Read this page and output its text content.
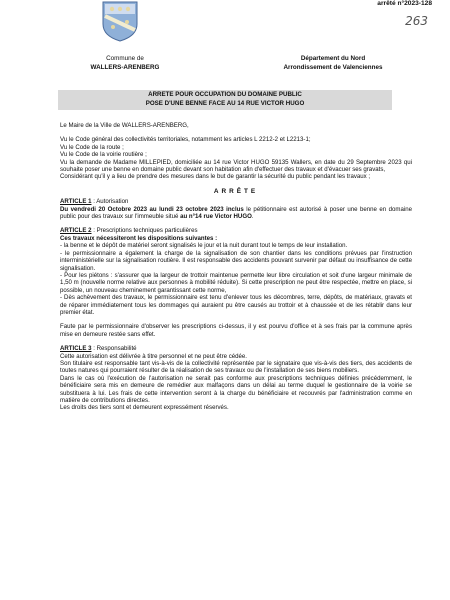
arrêté n°2023-128
263
Commune de
WALLERS-ARENBERG
Département du Nord
Arrondissement de Valenciennes
ARRETE POUR OCCUPATION DU DOMAINE PUBLIC
POSE D'UNE BENNE FACE AU 14 RUE VICTOR HUGO

Le Maire de la Ville de WALLERS-ARENBERG,

Vu le Code général des collectivités territoriales, notamment les articles L 2212-2 et L2213-1;

Vu le Code de la route ;

Vu le Code de la voirie routière ;

Vu la demande de Madame MILLEPIED, domiciliée au 14 rue Victor HUGO 59135 Wallers, en date du 29 Septembre 2023 qui souhaite poser une benne en domaine public devant son habitation afin d'effectuer des travaux et d'évacuer ses gravats,

Considérant qu'il y a lieu de prendre des mesures dans le but de garantir la sécurité du public pendant les travaux ;

ARRÊTE

ARTICLE 1 : Autorisation

Du vendredi 20 Octobre 2023 au lundi 23 octobre 2023 inclus le pétitionnaire est autorisé à poser une benne en domaine public pour des travaux sur l'immeuble situé au n°14 rue Victor HUGO.

ARTICLE 2 : Prescriptions techniques particulières

Ces travaux nécessiteront les dispositions suivantes :

- la benne et le dépôt de matériel seront signalisés le jour et la nuit durant tout le temps de leur installation.

- le permissionnaire a également la charge de la signalisation de son chantier dans les conditions prévues par l'instruction interministérielle sur la signalisation routière. Il est responsable des accidents pouvant survenir par défaut ou insuffisance de cette signalisation.

- Pour les piétons : s'assurer que la largeur de trottoir maintenue permette leur libre circulation et soit d'une largeur minimale de 1,50 m (nouvelle norme relative aux personnes à mobilité réduite). Si cette prescription ne peut être respectée, mettre en place, si possible, un nouveau cheminement garantissant cette norme,

- Dès achèvement des travaux, le permissionnaire est tenu d'enlever tous les décombres, terre, dépôts, de matériaux, gravats et de réparer immédiatement tous les dommages qui auraient pu être causés au trottoir et à chaussée et de les rétablir dans leur premier état.

Faute par le permissionnaire d'observer les prescriptions ci-dessus, il y est pourvu d'office et à ses frais par la commune après mise en demeure restée sans effet.

ARTICLE 3 : Responsabilité

Cette autorisation est délivrée à titre personnel et ne peut être cédée.

Son titulaire est responsable tant vis-à-vis de la collectivité représentée par le signataire que vis-à-vis des tiers, des accidents de toutes natures qui pourraient résulter de la réalisation de ses travaux ou de l'installation de ses biens mobiliers.

Dans le cas où l'exécution de l'autorisation ne serait pas conforme aux prescriptions techniques définies précédemment, le bénéficiaire sera mis en demeure de remédier aux malfaçons dans un délai au terme duquel le gestionnaire de la voirie se substituera à lui. Les frais de cette intervention seront à la charge du bénéficiaire et recouvrés par l'administration comme en matière de contributions directes.

Les droits des tiers sont et demeurent expressément réservés.
